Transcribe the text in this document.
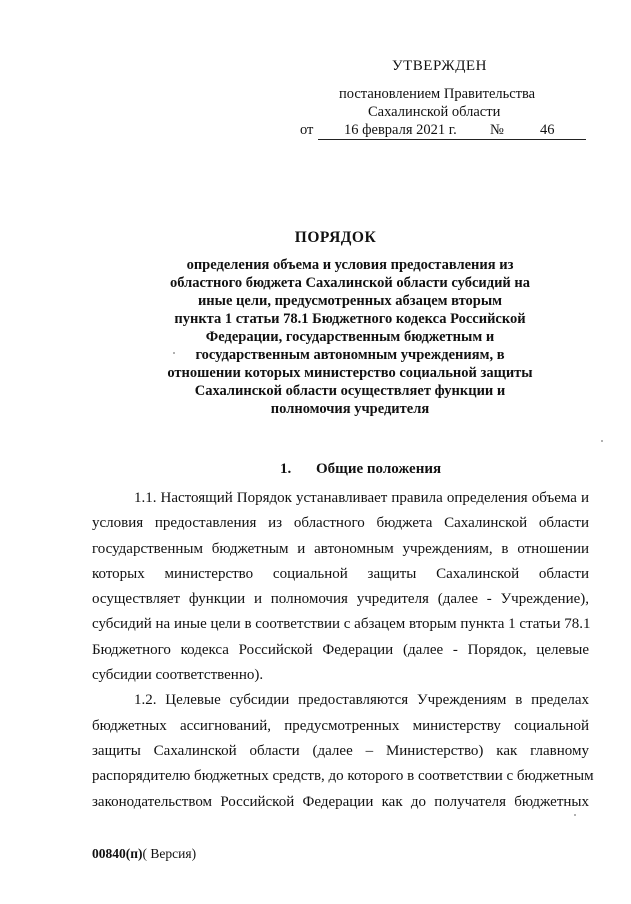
УТВЕРЖДЕН
постановлением Правительства
Сахалинской области
от 16 февраля 2021 г. № 46
ПОРЯДОК
определения объема и условия предоставления из
областного бюджета Сахалинской области субсидий на
иные цели, предусмотренных абзацем вторым
пункта 1 статьи 78.1 Бюджетного кодекса Российской
Федерации, государственным бюджетным и
государственным автономным учреждениям, в
отношении которых министерство социальной защиты
Сахалинской области осуществляет функции и
полномочия учредителя
1. Общие положения
1.1. Настоящий Порядок устанавливает правила определения объема и
условия предоставления из областного бюджета Сахалинской области
государственным бюджетным и автономным учреждениям, в отношении
которых министерство социальной защиты Сахалинской области
осуществляет функции и полномочия учредителя (далее - Учреждение),
субсидий на иные цели в соответствии с абзацем вторым пункта 1 статьи 78.1
Бюджетного кодекса Российской Федерации (далее - Порядок, целевые
субсидии соответственно).
1.2. Целевые субсидии предоставляются Учреждениям в пределах
бюджетных ассигнований, предусмотренных министерству социальной
защиты Сахалинской области (далее – Министерство) как главному
распорядителю бюджетных средств, до которого в соответствии с бюджетным
законодательством Российской Федерации как до получателя бюджетных
00840(п)( Версия)
